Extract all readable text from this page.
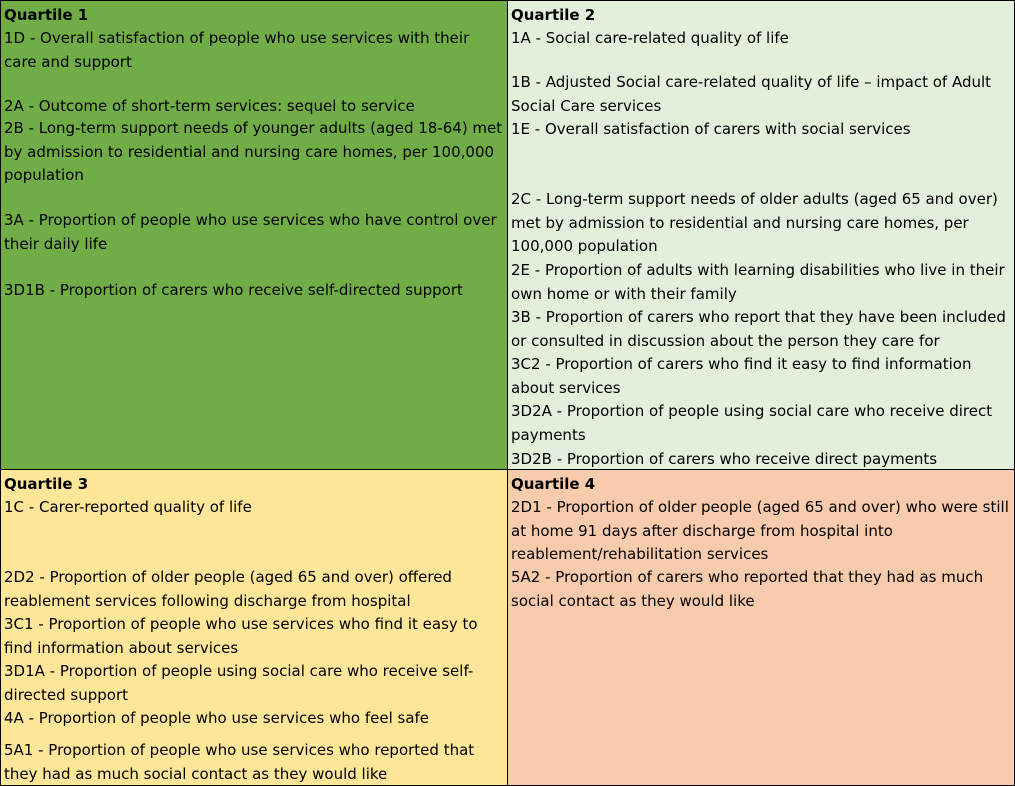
Quartile 1
1D - Overall satisfaction of people who use services with their care and support
2A - Outcome of short-term services: sequel to service
2B - Long-term support needs of younger adults (aged 18-64) met by admission to residential and nursing care homes, per 100,000 population
3A - Proportion of people who use services who have control over their daily life
3D1B - Proportion of carers who receive self-directed support
Quartile 2
1A - Social care-related quality of life
1B - Adjusted Social care-related quality of life – impact of Adult Social Care services
1E - Overall satisfaction of carers with social services
2C - Long-term support needs of older adults (aged 65 and over) met by admission to residential and nursing care homes, per 100,000 population
2E - Proportion of adults with learning disabilities who live in their own home or with their family
3B - Proportion of carers who report that they have been included or consulted in discussion about the person they care for
3C2 - Proportion of carers who find it easy to find information about services
3D2A - Proportion of people using social care who receive direct payments
3D2B - Proportion of carers who receive direct payments
Quartile 3
1C - Carer-reported quality of life
2D2 - Proportion of older people (aged 65 and over) offered reablement services following discharge from hospital
3C1 - Proportion of people who use services who find it easy to find information about services
3D1A - Proportion of people using social care who receive self-directed support
4A - Proportion of people who use services who feel safe
5A1 - Proportion of people who use services who reported that they had as much social contact as they would like
Quartile 4
2D1 - Proportion of older people (aged 65 and over) who were still at home 91 days after discharge from hospital into reablement/rehabilitation services
5A2 - Proportion of carers who reported that they had as much social contact as they would like
